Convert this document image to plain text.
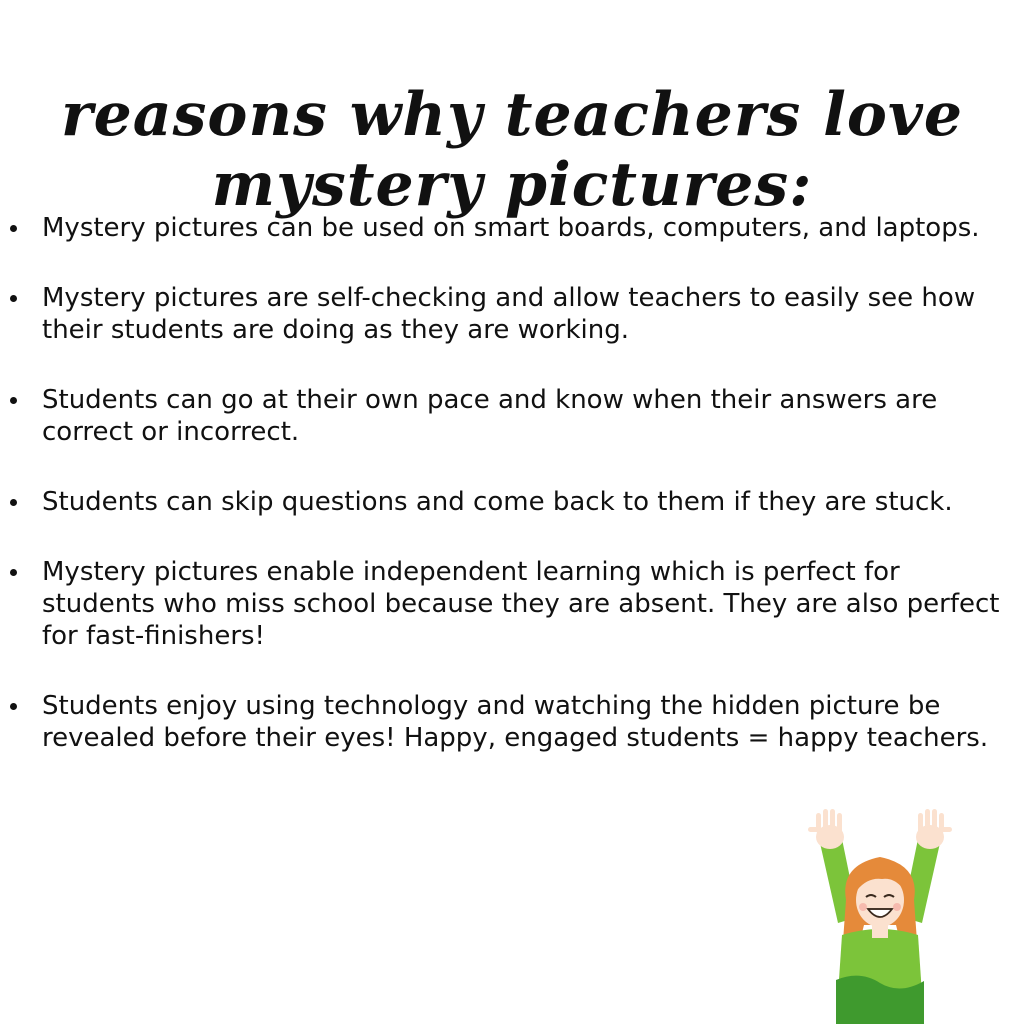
reasons why teachers love
mystery pictures:
Mystery pictures can be used on smart boards, computers, and laptops.
Mystery pictures are self-checking and allow teachers to easily see how their students are doing as they are working.
Students can go at their own pace and know when their answers are correct or incorrect.
Students can skip questions and come back to them if they are stuck.
Mystery pictures enable independent learning which is perfect for students who miss school because they are absent. They are also perfect for fast-finishers!
Students enjoy using technology and watching the hidden picture be revealed before their eyes! Happy, engaged students = happy teachers.
